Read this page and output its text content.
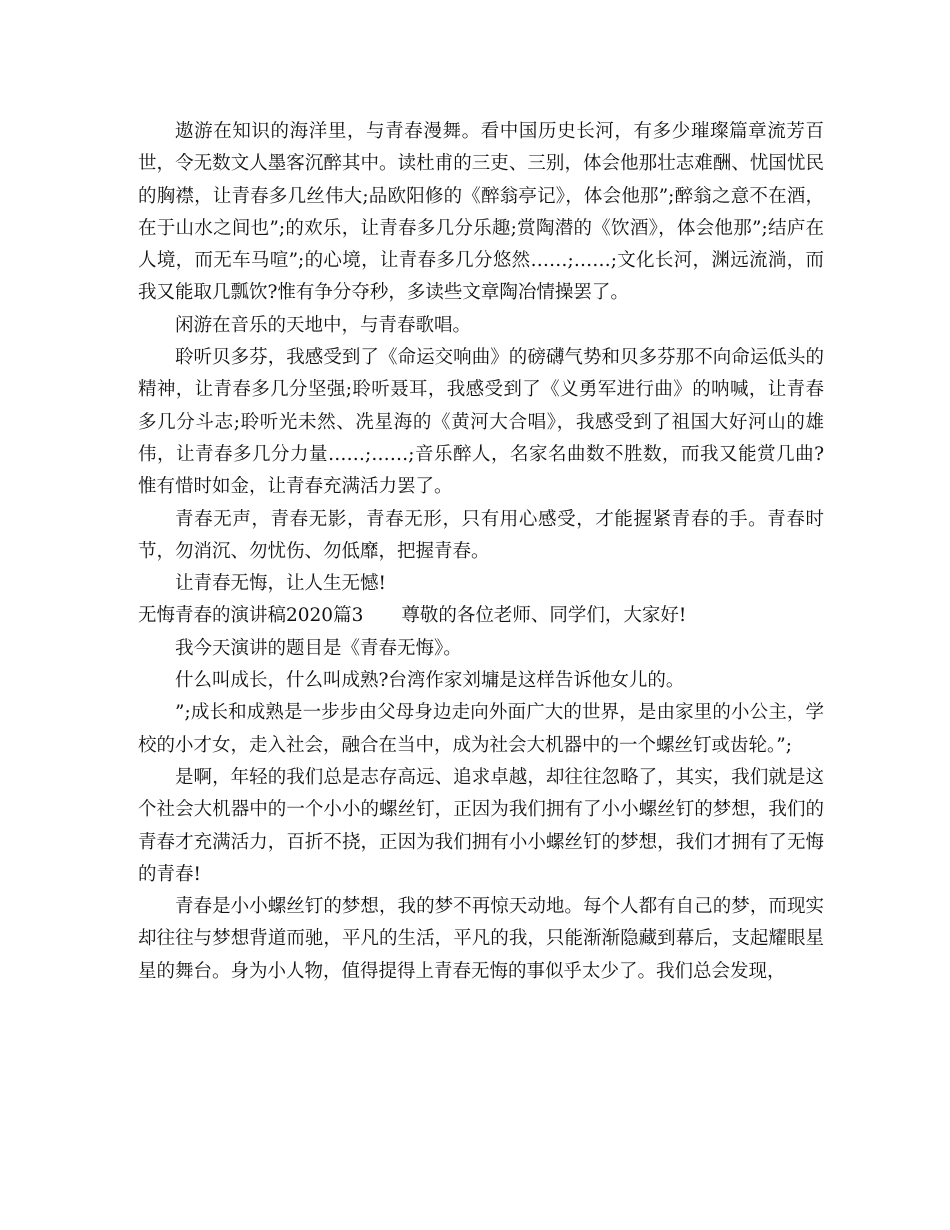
遨游在知识的海洋里，与青春漫舞。看中国历史长河，有多少璀璨篇章流芳百世，令无数文人墨客沉醉其中。读杜甫的三吏、三别，体会他那壮志难酬、忧国忧民的胸襟，让青春多几丝伟大;品欧阳修的《醉翁亭记》，体会他那”;醉翁之意不在酒，在于山水之间也”;的欢乐，让青春多几分乐趣;赏陶潜的《饮酒》，体会他那”;结庐在人境，而无车马喧”;的心境，让青春多几分悠然……;……;文化长河，渊远流淌，而我又能取几瓢饮?惟有争分夺秒，多读些文章陶冶情操罢了。

闲游在音乐的天地中，与青春歌唱。

聆听贝多芬，我感受到了《命运交响曲》的磅礴气势和贝多芬那不向命运低头的精神，让青春多几分坚强;聆听聂耳，我感受到了《义勇军进行曲》的呐喊，让青春多几分斗志;聆听光未然、冼星海的《黄河大合唱》，我感受到了祖国大好河山的雄伟，让青春多几分力量……;……;音乐醉人，名家名曲数不胜数，而我又能赏几曲?惟有惜时如金，让青春充满活力罢了。

青春无声，青春无影，青春无形，只有用心感受，才能握紧青春的手。青春时节，勿消沉、勿忧伤、勿低靡，把握青春。

让青春无悔，让人生无憾!

无悔青春的演讲稿2020篇3 尊敬的各位老师、同学们，大家好!

我今天演讲的题目是《青春无悔》。

什么叫成长，什么叫成熟?台湾作家刘墉是这样告诉他女儿的。

”;成长和成熟是一步步由父母身边走向外面广大的世界，是由家里的小公主，学校的小才女，走入社会，融合在当中，成为社会大机器中的一个螺丝钉或齿轮。”;

是啊，年轻的我们总是志存高远、追求卓越，却往往忽略了，其实，我们就是这个社会大机器中的一个小小的螺丝钉，正因为我们拥有了小小螺丝钉的梦想，我们的青春才充满活力，百折不挠，正因为我们拥有小小螺丝钉的梦想，我们才拥有了无悔的青春!

青春是小小螺丝钉的梦想，我的梦不再惊天动地。每个人都有自己的梦，而现实却往往与梦想背道而驰，平凡的生活，平凡的我，只能渐渐隐藏到幕后，支起耀眼星星的舞台。身为小人物，值得提得上青春无悔的事似乎太少了。我们总会发现，
